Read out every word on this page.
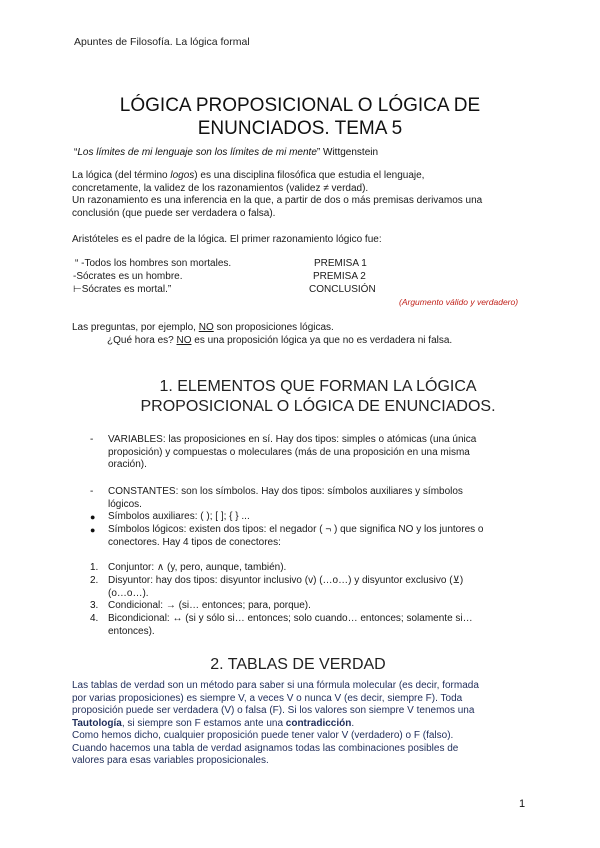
Apuntes de Filosofía. La lógica formal
LÓGICA PROPOSICIONAL O LÓGICA DE
ENUNCIADOS. TEMA 5
“Los límites de mi lenguaje son los límites de mi mente” Wittgenstein
La lógica (del término logos) es una disciplina filosófica que estudia el lenguaje,
concretamente, la validez de los razonamientos (validez ≠ verdad).
Un razonamiento es una inferencia en la que, a partir de dos o más premisas derivamos una
conclusión (que puede ser verdadera o falsa).
Aristóteles es el padre de la lógica. El primer razonamiento lógico fue:
“ -Todos los hombres son mortales.	PREMISA 1
-Sócrates es un hombre.	PREMISA 2
⊢Sócrates es mortal.”	CONCLUSIÓN
(Argumento válido y verdadero)
Las preguntas, por ejemplo, NO son proposiciones lógicas.
¿Qué hora es? NO es una proposición lógica ya que no es verdadera ni falsa.
1. ELEMENTOS QUE FORMAN LA LÓGICA
PROPOSICIONAL O LÓGICA DE ENUNCIADOS.
- VARIABLES: las proposiciones en sí. Hay dos tipos: simples o atómicas (una única
proposición) y compuestas o moleculares (más de una proposición en una misma
oración).
- CONSTANTES: son los símbolos. Hay dos tipos: símbolos auxiliares y símbolos
lógicos.
● Símbolos auxiliares: ( ); [ ]; { } ...
● Símbolos lógicos: existen dos tipos: el negador ( ¬ ) que significa NO y los juntores o
conectores. Hay 4 tipos de conectores:
1. Conjuntor: ∧ (y, pero, aunque, también).
2. Disyuntor: hay dos tipos: disyuntor inclusivo (v) (…o…) y disyuntor exclusivo (⊻)
(o…o…).
3. Condicional: → (si… entonces; para, porque).
4. Bicondicional: ↔ (si y sólo si… entonces; solo cuando… entonces; solamente si…
entonces).
2. TABLAS DE VERDAD
Las tablas de verdad son un método para saber si una fórmula molecular (es decir, formada
por varias proposiciones) es siempre V, a veces V o nunca V (es decir, siempre F). Toda
proposición puede ser verdadera (V) o falsa (F). Si los valores son siempre V tenemos una
Tautología, si siempre son F estamos ante una contradicción.
Como hemos dicho, cualquier proposición puede tener valor V (verdadero) o F (falso).
Cuando hacemos una tabla de verdad asignamos todas las combinaciones posibles de
valores para esas variables proposicionales.
1
